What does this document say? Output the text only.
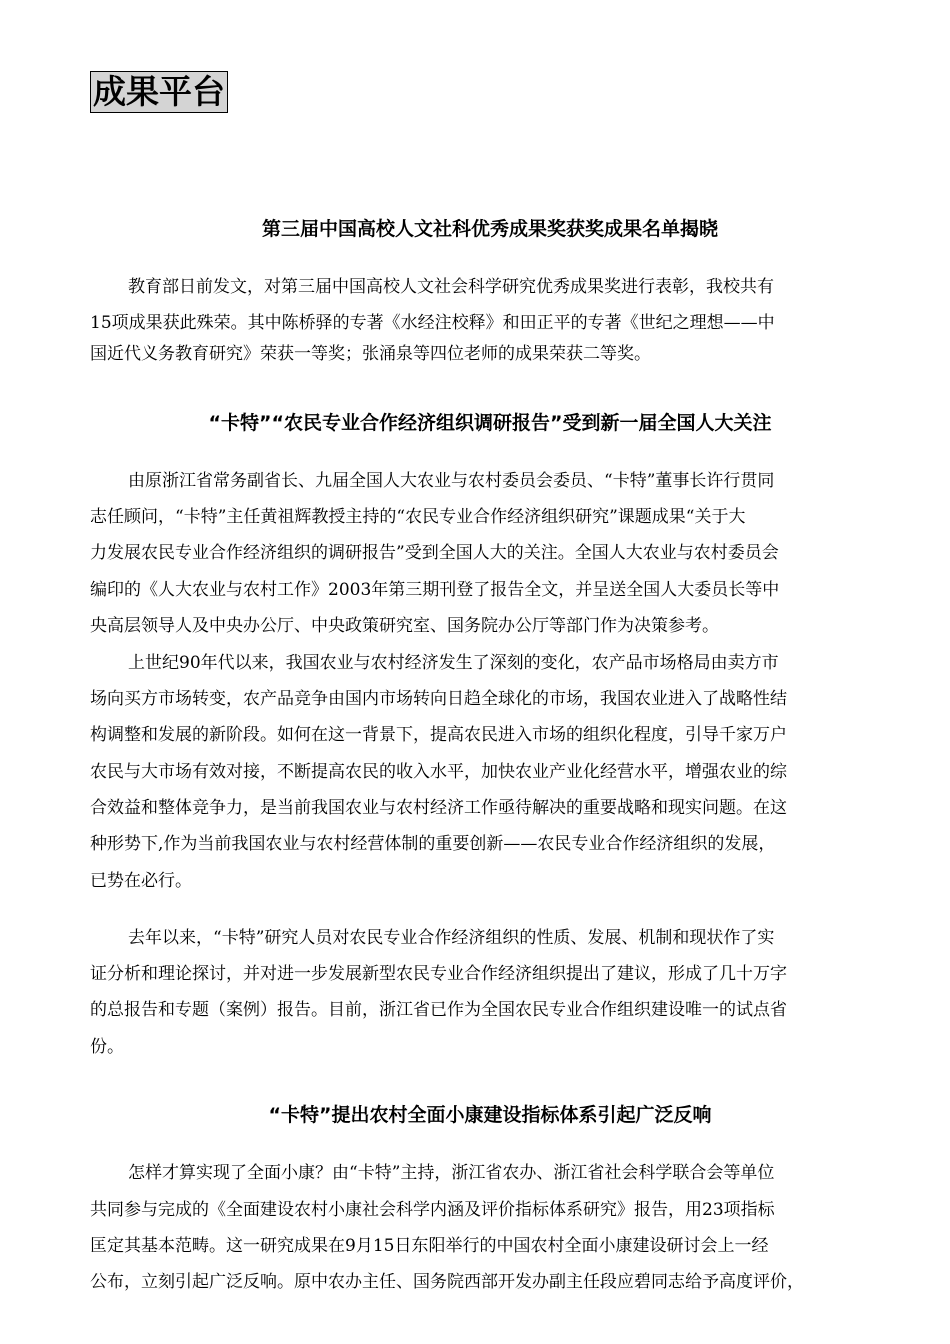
成果平台
第三届中国高校人文社科优秀成果奖获奖成果名单揭晓
教育部日前发文，对第三届中国高校人文社会科学研究优秀成果奖进行表彰，我校共有
15项成果获此殊荣。其中陈桥驿的专著《水经注校释》和田正平的专著《世纪之理想——中
国近代义务教育研究》荣获一等奖；张涌泉等四位老师的成果荣获二等奖。
“卡特”“农民专业合作经济组织调研报告”受到新一届全国人大关注
由原浙江省常务副省长、九届全国人大农业与农村委员会委员、“卡特”董事长许行贯同
志任顾问，“卡特”主任黄祖辉教授主持的“农民专业合作经济组织研究”课题成果“关于大
力发展农民专业合作经济组织的调研报告”受到全国人大的关注。全国人大农业与农村委员会
编印的《人大农业与农村工作》2003年第三期刊登了报告全文，并呈送全国人大委员长等中
央高层领导人及中央办公厅、中央政策研究室、国务院办公厅等部门作为决策参考。
上世纪90年代以来，我国农业与农村经济发生了深刻的变化，农产品市场格局由卖方市
场向买方市场转变，农产品竞争由国内市场转向日趋全球化的市场，我国农业进入了战略性结
构调整和发展的新阶段。如何在这一背景下，提高农民进入市场的组织化程度，引导千家万户
农民与大市场有效对接，不断提高农民的收入水平，加快农业产业化经营水平，增强农业的综
合效益和整体竞争力，是当前我国农业与农村经济工作亟待解决的重要战略和现实问题。在这
种形势下,作为当前我国农业与农村经营体制的重要创新——农民专业合作经济组织的发展，
已势在必行。
去年以来，“卡特”研究人员对农民专业合作经济组织的性质、发展、机制和现状作了实
证分析和理论探讨，并对进一步发展新型农民专业合作经济组织提出了建议，形成了几十万字
的总报告和专题（案例）报告。目前，浙江省已作为全国农民专业合作组织建设唯一的试点省
份。
“卡特”提出农村全面小康建设指标体系引起广泛反响
怎样才算实现了全面小康？由“卡特”主持，浙江省农办、浙江省社会科学联合会等单位
共同参与完成的《全面建设农村小康社会科学内涵及评价指标体系研究》报告，用23项指标
匡定其基本范畴。这一研究成果在9月15日东阳举行的中国农村全面小康建设研讨会上一经
公布，立刻引起广泛反响。原中农办主任、国务院西部开发办副主任段应碧同志给予高度评价，
